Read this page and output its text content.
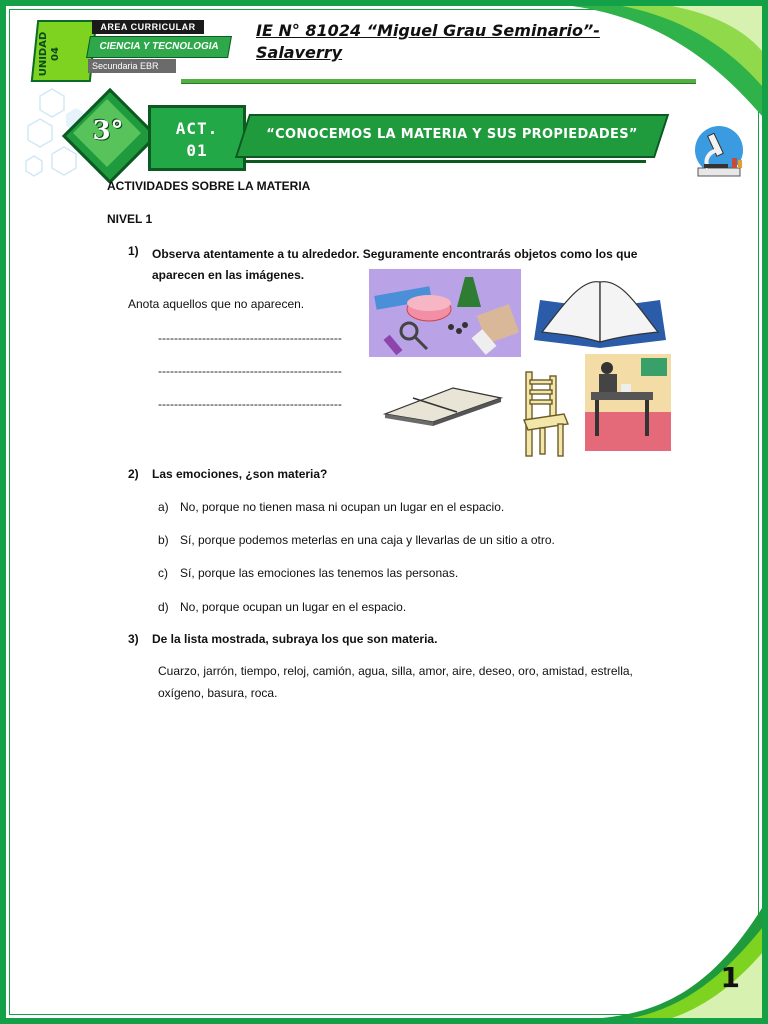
UNIDAD 04
AREA CURRICULAR
CIENCIA Y TECNOLOGIA
Secundaria EBR
IE N° 81024 “Miguel Grau Seminario”- Salaverry
3°	ACT. 01
“CONOCEMOS LA MATERIA Y SUS PROPIEDADES”
ACTIVIDADES SOBRE LA MATERIA
NIVEL 1
1) Observa atentamente a tu alrededor. Seguramente encontrarás objetos como los que aparecen en las imágenes.
Anota aquellos que no aparecen.
----------------------------------------------
----------------------------------------------
----------------------------------------------
2) Las emociones, ¿son materia?
a) No, porque no tienen masa ni ocupan un lugar en el espacio.
b) Sí, porque podemos meterlas en una caja y llevarlas de un sitio a otro.
c) Sí, porque las emociones las tenemos las personas.
d) No, porque ocupan un lugar en el espacio.
3) De la lista mostrada, subraya los que son materia.
Cuarzo, jarrón, tiempo, reloj, camión, agua, silla, amor, aire, deseo, oro, amistad, estrella,
oxígeno, basura, roca.
1
